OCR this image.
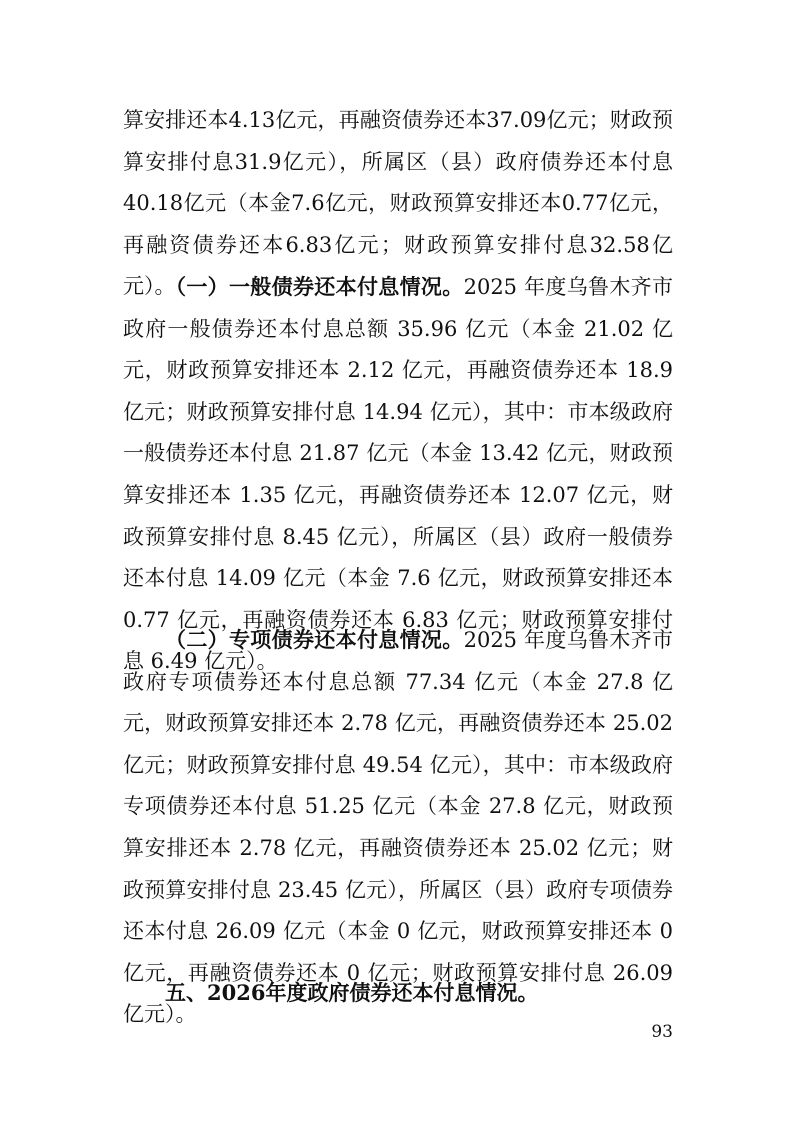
算安排还本4.13亿元，再融资债券还本37.09亿元；财政预算安排付息31.9亿元），所属区（县）政府债券还本付息40.18亿元（本金7.6亿元，财政预算安排还本0.77亿元，再融资债券还本6.83亿元；财政预算安排付息32.58亿元）。

（一）一般债券还本付息情况。2025 年度乌鲁木齐市政府一般债券还本付息总额 35.96 亿元（本金 21.02 亿元，财政预算安排还本 2.12 亿元，再融资债券还本 18.9 亿元；财政预算安排付息 14.94 亿元），其中：市本级政府一般债券还本付息 21.87 亿元（本金 13.42 亿元，财政预算安排还本 1.35 亿元，再融资债券还本 12.07 亿元，财政预算安排付息 8.45 亿元），所属区（县）政府一般债券还本付息 14.09 亿元（本金 7.6 亿元，财政预算安排还本 0.77 亿元，再融资债券还本 6.83 亿元；财政预算安排付息 6.49 亿元）。

（二）专项债券还本付息情况。2025 年度乌鲁木齐市政府专项债券还本付息总额 77.34 亿元（本金 27.8 亿元，财政预算安排还本 2.78 亿元，再融资债券还本 25.02 亿元；财政预算安排付息 49.54 亿元），其中：市本级政府专项债券还本付息 51.25 亿元（本金 27.8 亿元，财政预算安排还本 2.78 亿元，再融资债券还本 25.02 亿元；财政预算安排付息 23.45 亿元），所属区（县）政府专项债券还本付息 26.09 亿元（本金 0 亿元，财政预算安排还本 0 亿元，再融资债券还本 0 亿元；财政预算安排付息 26.09 亿元）。

五、2026年度政府债券还本付息情况。

93
